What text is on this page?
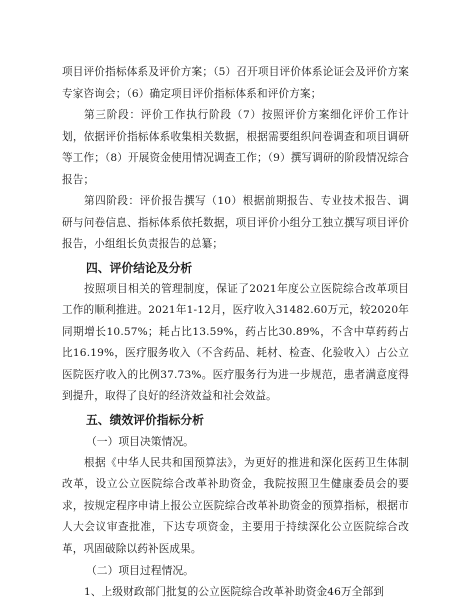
项目评价指标体系及评价方案；（5）召开项目评价体系论证会及评价方案专家咨询会；（6）确定项目评价指标体系和评价方案；

第三阶段：评价工作执行阶段（7）按照评价方案细化评价工作计划，依据评价指标体系收集相关数据，根据需要组织问卷调查和项目调研等工作；（8）开展资金使用情况调查工作；（9）撰写调研的阶段情况综合报告；

第四阶段：评价报告撰写（10）根据前期报告、专业技术报告、调研与问卷信息、指标体系依托数据，项目评价小组分工独立撰写项目评价报告，小组组长负责报告的总纂；

四、评价结论及分析

按照项目相关的管理制度，保证了2021年度公立医院综合改革项目工作的顺利推进。2021年1-12月，医疗收入31482.60万元，较2020年同期增长10.57%；耗占比13.59%，药占比30.89%，不含中草药药占比16.19%，医疗服务收入（不含药品、耗材、检查、化验收入）占公立医院医疗收入的比例37.73%。医疗服务行为进一步规范，患者满意度得到提升，取得了良好的经济效益和社会效益。

五、绩效评价指标分析
（一）项目决策情况。

根据《中华人民共和国预算法》，为更好的推进和深化医药卫生体制改革，设立公立医院综合改革补助资金，我院按照卫生健康委员会的要求，按规定程序申请上报公立医院综合改革补助资金的预算指标，根据市人大会议审查批准，下达专项资金，主要用于持续深化公立医院综合改革，巩固破除以药补医成果。

（二）项目过程情况。

1、上级财政部门批复的公立医院综合改革补助资金46万全部到
